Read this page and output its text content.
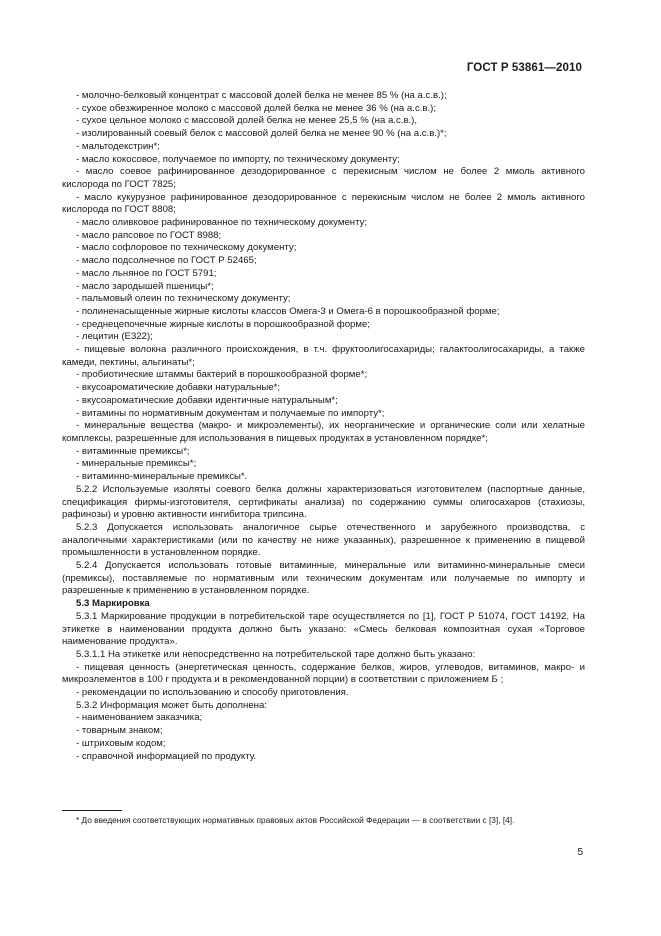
ГОСТ Р 53861—2010

- молочно-белковый концентрат с массовой долей белка не менее 85 % (на а.с.в.);

- сухое обезжиренное молоко с массовой долей белка не менее 36 % (на а.с.в.);

- сухое цельное молоко с массовой долей белка не менее 25,5 % (на а.с.в.),

- изолированный соевый белок с массовой долей белка не менее 90 % (на а.с.в.)*;

- мальтодекстрин*;

- масло кокосовое, получаемое по импорту, по техническому документу;

- масло соевое рафинированное дезодорированное с перекисным числом не более 2 ммоль активного кислорода по ГОСТ 7825;

- масло кукурузное рафинированное дезодорированное с перекисным числом не более 2 ммоль активного кислорода по ГОСТ 8808;

- масло оливковое рафинированное по техническому документу;

- масло рапсовое по ГОСТ 8988;

- масло софлоровое по техническому документу;

- масло подсолнечное по ГОСТ Р 52465;

- масло льняное по ГОСТ 5791;

- масло зародышей пшеницы*;

- пальмовый олеин по техническому документу;

- полиненасыщенные жирные кислоты классов Омега-3 и Омега-6 в порошкообразной форме;

- среднецепочечные жирные кислоты в порошкообразной форме;

- лецитин (Е322);

- пищевые волокна различного происхождения, в т.ч. фруктоолигосахариды; галактоолигосахариды, а также камеди, пектины, альгинаты*;

- пробиотические штаммы бактерий в порошкообразной форме*;

- вкусоароматические добавки натуральные*;

- вкусоароматические добавки идентичные натуральным*;

- витамины по нормативным документам и получаемые по импорту*;

- минеральные вещества (макро- и микроэлементы), их неорганические и органические соли или хелатные комплексы, разрешенные для использования в пищевых продуктах в установленном порядке*;

- витаминные премиксы*;

- минеральные премиксы*;

- витаминно-минеральные премиксы*.

5.2.2 Используемые изоляты соевого белка должны характеризоваться изготовителем (паспортные данные, спецификация фирмы-изготовителя, сертификаты анализа) по содержанию суммы олигосахаров (стахиозы, рафинозы) и уровню активности ингибитора трипсина.

5.2.3 Допускается использовать аналогичное сырье отечественного и зарубежного производства, с аналогичными характеристиками (или по качеству не ниже указанных), разрешенное к применению в пищевой промышленности в установленном порядке.

5.2.4 Допускается использовать готовые витаминные, минеральные или витаминно-минеральные смеси (премиксы), поставляемые по нормативным или техническим документам или получаемые по импорту и разрешенные к применению в установленном порядке.

5.3 Маркировка

5.3.1 Маркирование продукции в потребительской таре осуществляется по [1], ГОСТ Р 51074, ГОСТ 14192. На этикетке в наименовании продукта должно быть указано: «Смесь белковая композитная сухая «Торговое наименование продукта».

5.3.1.1 На этикетке или непосредственно на потребительской таре должно быть указано:

- пищевая ценность (энергетическая ценность, содержание белков, жиров, углеводов, витаминов, макро- и микроэлементов в 100 г продукта и в рекомендованной порции) в соответствии с приложением Б ;

- рекомендации по использованию и способу приготовления.

5.3.2 Информация может быть дополнена:

- наименованием заказчика;

- товарным знаком;

- штриховым кодом;

- справочной информацией по продукту.

* До введения соответствующих нормативных правовых актов Российской Федерации — в соответствии с [3], [4].

5
